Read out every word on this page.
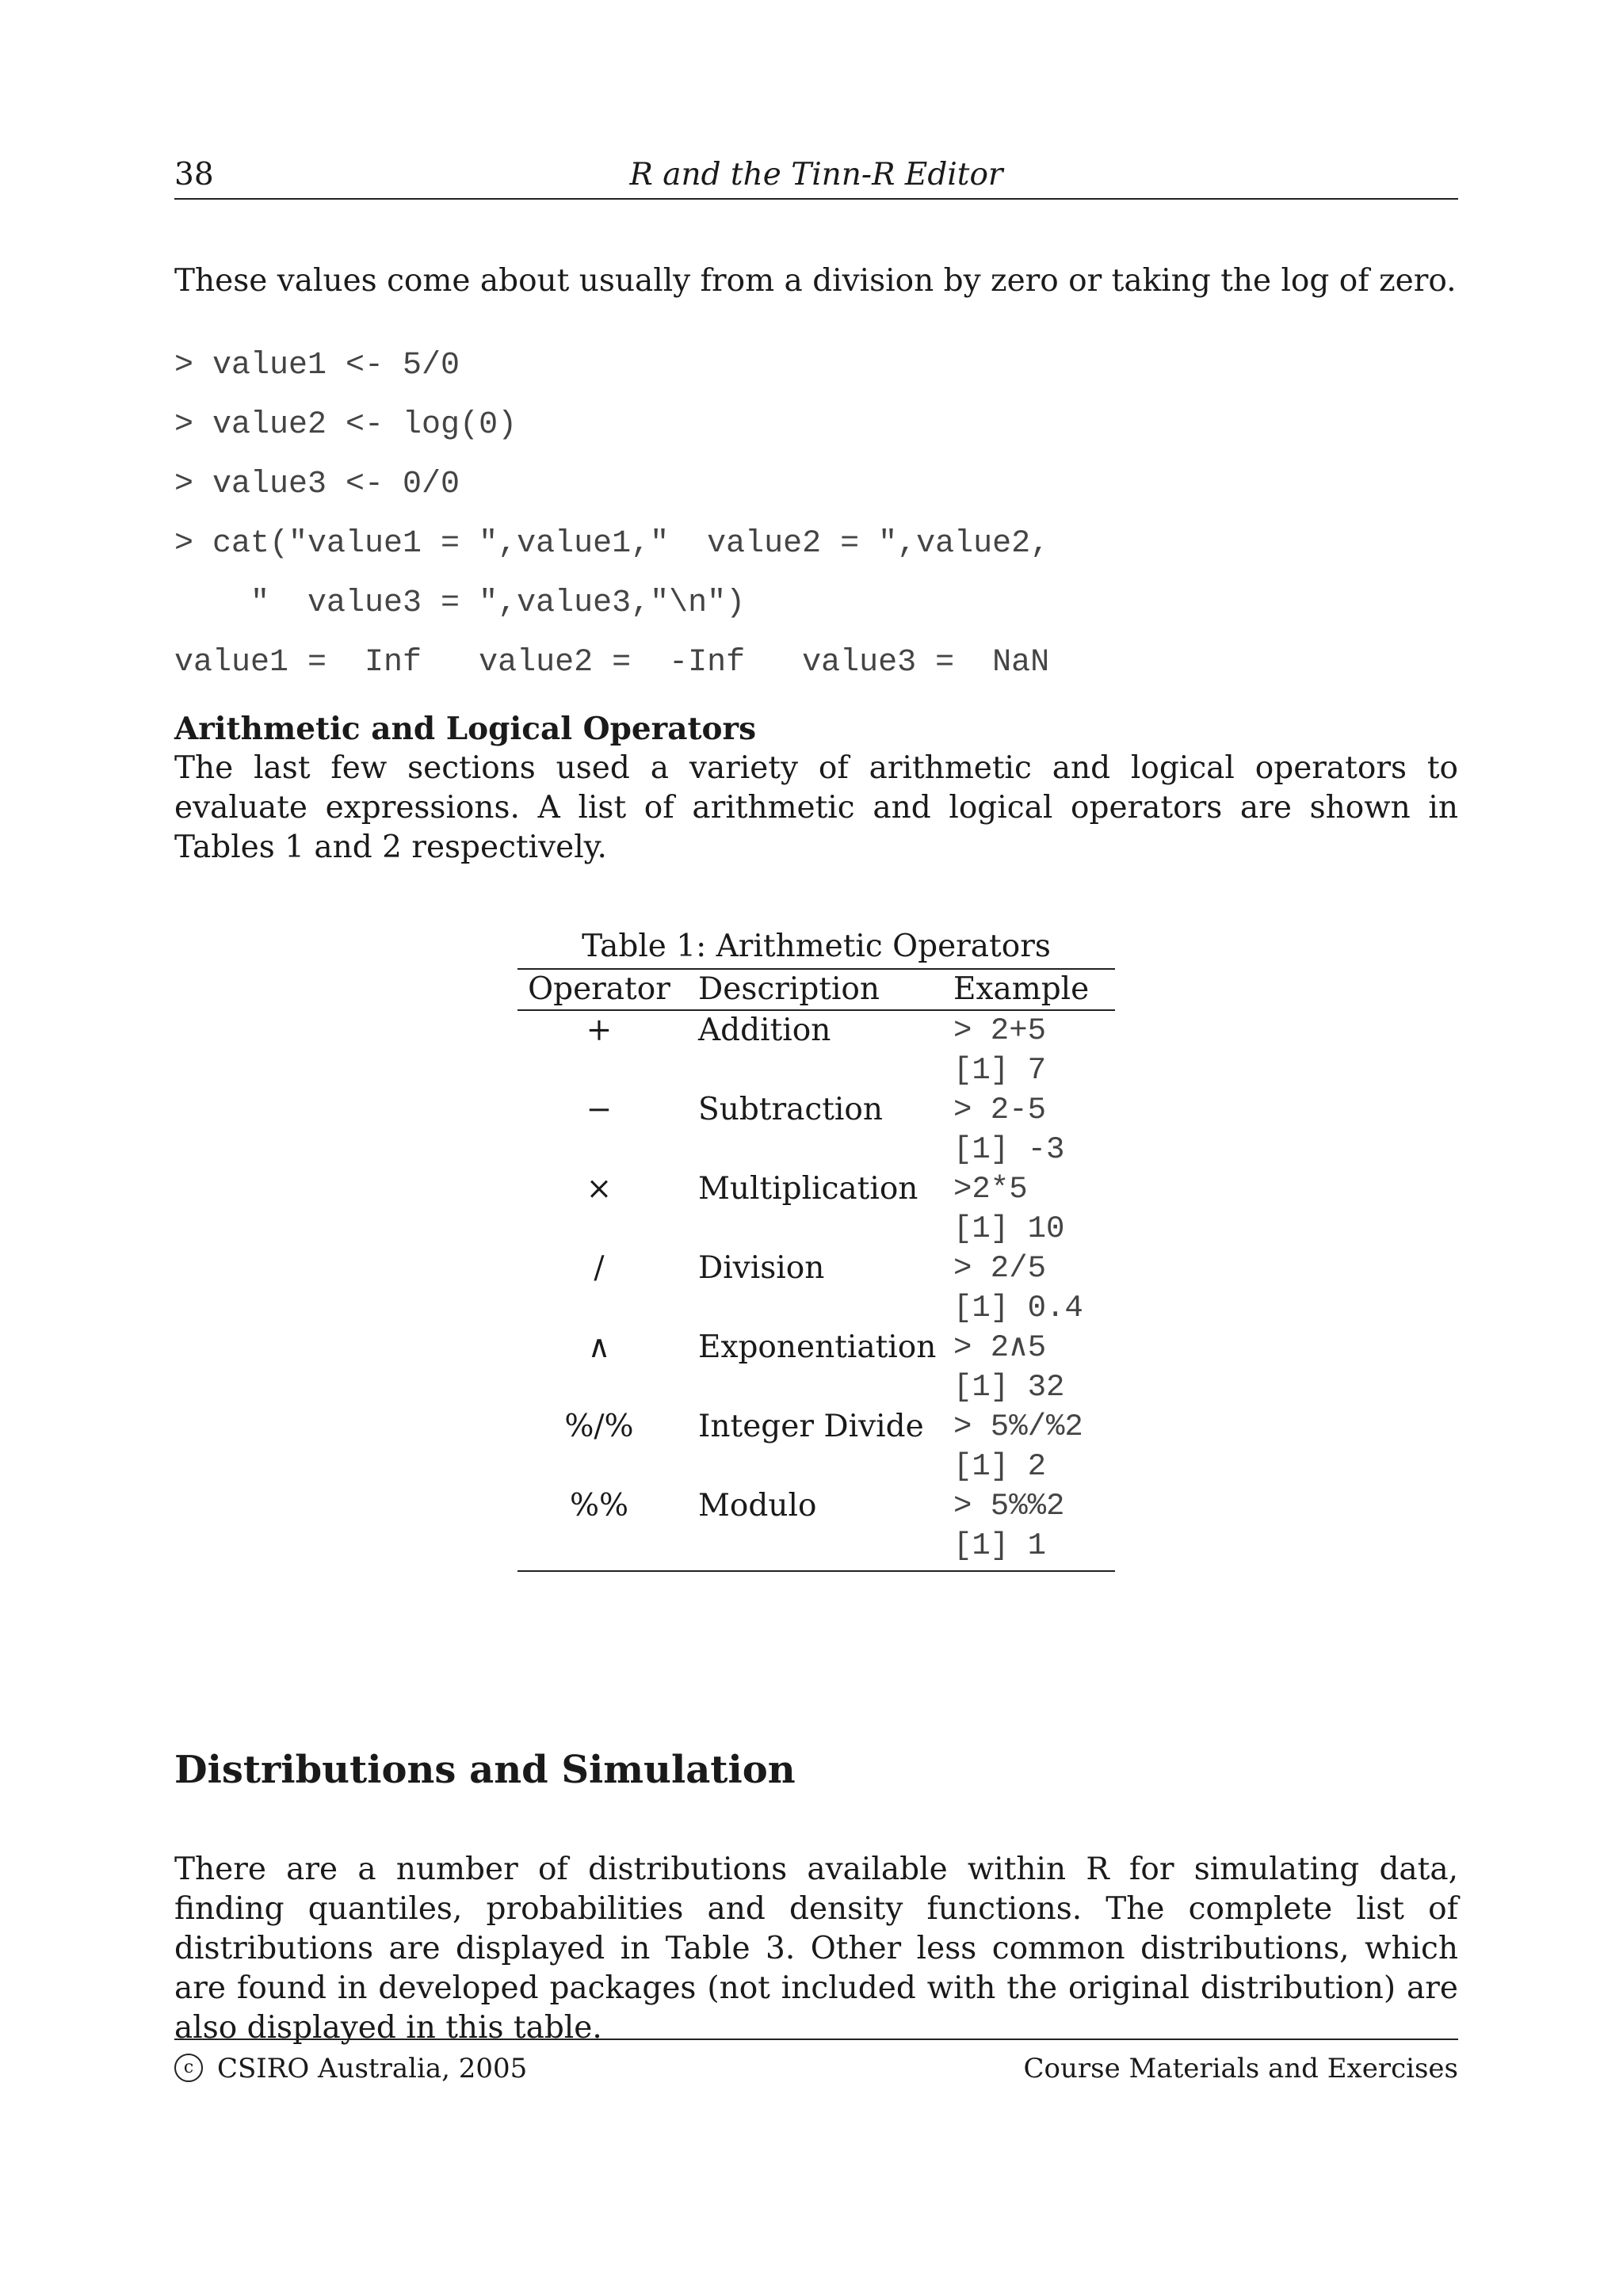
38	R and the Tinn-R Editor

These values come about usually from a division by zero or taking the log of zero.

> value1 <- 5/0
> value2 <- log(0)
> value3 <- 0/0
> cat("value1 = ",value1,"  value2 = ",value2,
"  value3 = ",value3,"\n")
value1 =  Inf   value2 =  -Inf   value3 =  NaN
Arithmetic and Logical Operators

The last few sections used a variety of arithmetic and logical operators to evaluate expressions. A list of arithmetic and logical operators are shown in Tables 1 and 2 respectively.

Table 1: Arithmetic Operators
Operator Description Example
+	Addition	> 2+5
[1] 7
−	Subtraction > 2-5
[1] -3
×	Multiplication >2*5
[1] 10
/	Division	> 2/5
[1] 0.4
∧	Exponentiation > 2∧5
[1] 32
%/%	Integer Divide > 5%/%2
[1] 2
%%	Modulo	> 5%%2
[1] 1
Distributions and Simulation

There are a number of distributions available within R for simulating data, finding quantiles, probabilities and density functions. The complete list of distributions are displayed in Table 3. Other less common distributions, which are found in developed packages (not included with the original distribution) are also displayed in this table.

c CSIRO Australia, 2005	Course Materials and Exercises
